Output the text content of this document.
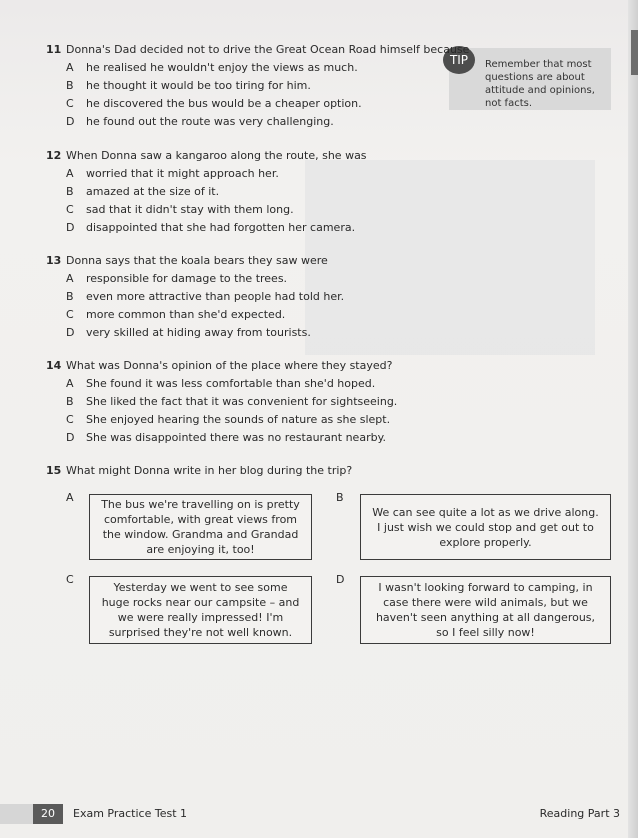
TIP	Remember that most questions are about attitude and opinions, not facts.
11 Donna's Dad decided not to drive the Great Ocean Road himself because
A he realised he wouldn't enjoy the views as much.
B he thought it would be too tiring for him.
C he discovered the bus would be a cheaper option.
D he found out the route was very challenging.
12 When Donna saw a kangaroo along the route, she was
A worried that it might approach her.
B amazed at the size of it.
C sad that it didn't stay with them long.
D disappointed that she had forgotten her camera.
13 Donna says that the koala bears they saw were
A responsible for damage to the trees.
B even more attractive than people had told her.
C more common than she'd expected.
D very skilled at hiding away from tourists.
14 What was Donna's opinion of the place where they stayed?
A She found it was less comfortable than she'd hoped.
B She liked the fact that it was convenient for sightseeing.
C She enjoyed hearing the sounds of nature as she slept.
D She was disappointed there was no restaurant nearby.
15 What might Donna write in her blog during the trip?
A
The bus we're travelling on is pretty comfortable, with great views from the window. Grandma and Grandad are enjoying it, too!
B
We can see quite a lot as we drive along. I just wish we could stop and get out to explore properly.
C
Yesterday we went to see some huge rocks near our campsite – and we were really impressed! I'm surprised they're not well known.
D
I wasn't looking forward to camping, in case there were wild animals, but we haven't seen anything at all dangerous, so I feel silly now!
20	Exam Practice Test 1	Reading Part 3
